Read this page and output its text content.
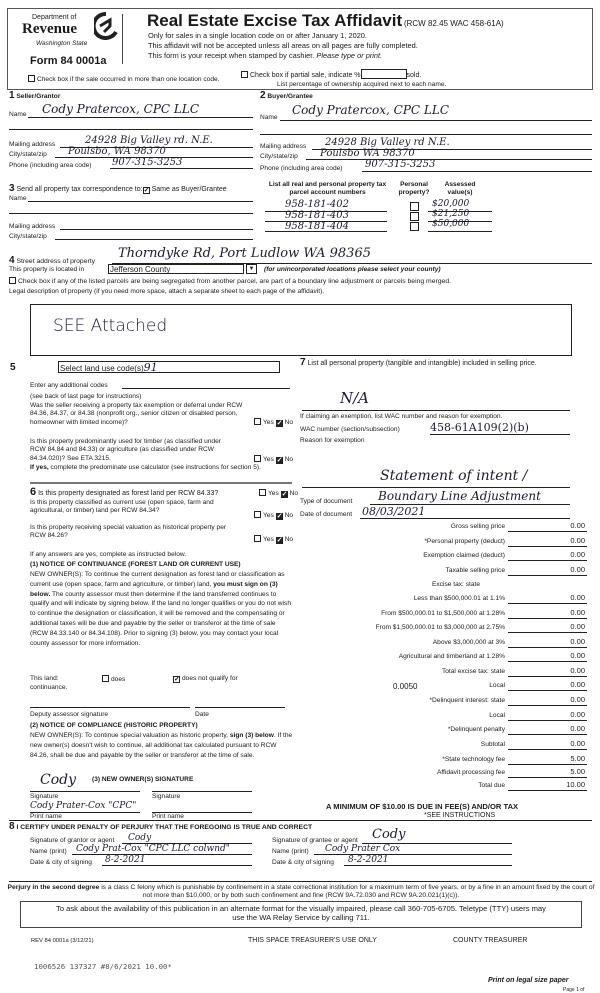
Department of
Revenue
Washington State
Form 84 0001a
Real Estate Excise Tax Affidavit (RCW 82.45 WAC 458-61A)
Only for sales in a single location code on or after January 1, 2020.
This affidavit will not be accepted unless all areas on all pages are fully completed.
This form is your receipt when stamped by cashier. Please type or print.
Check box if the sale occurred in more than one location code.
Check box if partial sale, indicate %	sold.
List percentage of ownership acquired next to each name.
1 Seller/Grantor
Name Cody Pratercox, CPC LLC
Mailing address	24928 Big Valley rd. N.E.
City/state/zip Poulsbo, WA 98370
Phone (including area code) 907-315-3253
2 Buyer/Grantee
Name
Cody Pratercox, CPC LLC
Mailing address 24928 Big Valley rd N.E.
City/state/zip Poulsbo WA 98370
Phone (including area code) 907-315-3253
3 Send all property tax correspondence to:✓ Same as Buyer/Grantee
Name
Mailing address
City/state/zip
List all real and personal property tax parcel account numbers
Personal property?
Assessed value(s)
958-181-402	$20,000
958-181-403	$21,250
958-181-404	$50,000
4 Street address of property
Thorndyke Rd, Port Ludlow WA 98365
This property is located in	Jefferson County	▼	(for unincorporated locations please select your county)
Check box if any of the listed parcels are being segregated from another parcel, are part of a boundary line adjustment or parcels being merged.
Legal description of property (if you need more space, attach a separate sheet to each page of the affidavit).
SEE Attached
5	Select land use code(s)91
Enter any additional codes
(see back of last page for instructions)
Was the seller receiving a property tax exemption or deferral under RCW 84.36, 84.37, or 84.38 (nonprofit org., senior citizen or disabled person, homeowner with limited income)?	Yes ✓ No
Is this property predominantly used for timber (as classified under RCW 84.84 and 84.33) or agriculture (as classified under RCW 84.34.020)? See ETA 3215.	Yes ✓ No
If yes, complete the predominate use calculator (see instructions for section 5).
6 Is this property designated as forest land per RCW 84.33?	Yes ✓ No
Is this property classified as current use (open space, farm and agricultural, or timber) land per RCW 84.34?
Yes ✓ No
Is this property receiving special valuation as historical property per RCW 84.26?
Yes ✓ No
If any answers are yes, complete as instructed below.
(1) NOTICE OF CONTINUANCE (FOREST LAND OR CURRENT USE)
NEW OWNER(S): To continue the current designation as forest land or classification as current use (open space, farm and agriculture, or timber) land, you must sign on (3) below. The county assessor must then determine if the land transferred continues to qualify and will indicate by signing below. If the land no longer qualifies or you do not wish to continue the designation or classification, it will be removed and the compensating or additional taxes will be due and payable by the seller or transferor at the time of sale (RCW 84.33.140 or 84.34.108). Prior to signing (3) below, you may contact your local county assessor for more information.
This land:	does	✓ does not qualify for
continuance.
Deputy assessor signature	Date
(2) NOTICE OF COMPLIANCE (HISTORIC PROPERTY)
NEW OWNER(S): To continue special valuation as historic property, sign (3) below. If the new owner(s) doesn't wish to continue, all additional tax calculated pursuant to RCW 84.26, shall be due and payable by the seller or transferor at the time of sale.
(3) NEW OWNER(S) SIGNATURE
Cody
Signature	Signature
Cody Prater-Cox "CPC"
Print name	Print name
7 List all personal property (tangible and intangible) included in selling price.
N/A
If claiming an exemption, list WAC number and reason for exemption.
WAC number (section/subsection)	458-61A109(2)(b)
Reason for exemption
Statement of intent /
Type of document Boundary Line Adjustment
Date of document 08/03/2021
Gross selling price	0.00
*Personal property (deduct)	0.00
Exemption claimed (deduct)	0.00
Taxable selling price	0.00
Excise tax: state
Less than $500,000.01 at 1.1%	0.00
From $500,000.01 to $1,500,000 at 1.28%	0.00
From $1,500,000.01 to $3,000,000 at 2.75%	0.00
Above $3,000,000 at 3%	0.00
Agricultural and timberland at 1.28%	0.00
Total excise tax: state	0.00
Local	0.00
*Delinquent interest: state	0.00
Local	0.00
*Delinquent penalty	0.00
Subtotal	0.00
*State technology fee	5.00
Affidavit processing fee	5.00
Total due	10.00
0.0050
A MINIMUM OF $10.00 IS DUE IN FEE(S) AND/OR TAX
*SEE INSTRUCTIONS
8 I CERTIFY UNDER PENALTY OF PERJURY THAT THE FOREGOING IS TRUE AND CORRECT
Signature of grantor or agent Cody
Name (print) Cody Prat-Cox "CPC LLC colwnd"
Date & city of signing 8-2-2021
Signature of grantee or agent Cody
Name (print) Cody Prater Cox
Date & city of signing 8-2-2021
Perjury in the second degree is a class C felony which is punishable by confinement in a state correctional institution for a maximum term of five years, or by a fine in an amount fixed by the court of not more than $10,000, or by both such confinement and fine (RCW 9A.72.030 and RCW 9A.20.021(1)(c)).
To ask about the availability of this publication in an alternate format for the visually impaired, please call 360-705-6705. Teletype (TTY) users may use the WA Relay Service by calling 711.
REV 84 0001a (3/12/21)	THIS SPACE TREASURER'S USE ONLY	COUNTY TREASURER
1006526 137327 #8/6/2021 10.00*
Print on legal size paper
Page 1 of
